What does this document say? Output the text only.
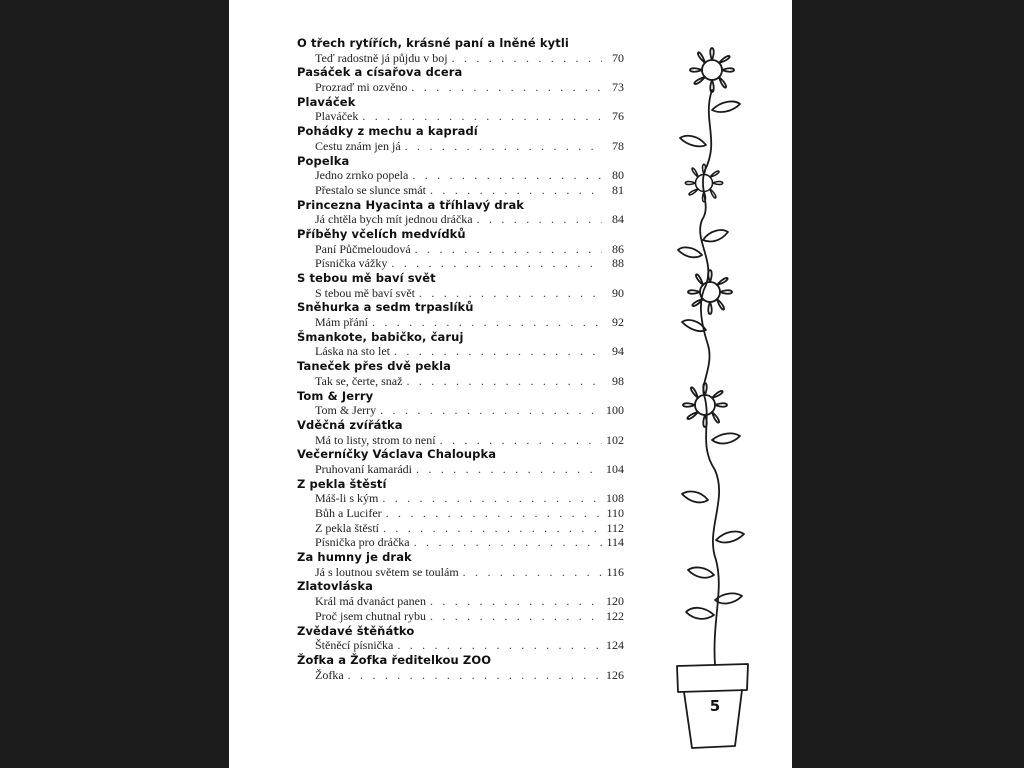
O třech rytířích, krásné paní a lněné kytli
Teď radostně já půjdu v boj . . .	70
Pasáček a císařova dcera
Prozraď mi ozvěno . . .	73
Plaváček
Plaváček . . .	76
Pohádky z mechu a kapradí
Cestu znám jen já . . .	78
Popelka
Jedno zrnko popela . . .	80
Přestalo se slunce smát . . .	81
Princezna Hyacinta a tříhlavý drak
Já chtěla bych mít jednou dráčka . . .	84
Příběhy včelích medvídků
Paní Půčmeloudová . . .	86
Písnička vážky . . .	88
S tebou mě baví svět
S tebou mě baví svět . . .	90
Sněhurka a sedm trpaslíků
Mám přání . . .	92
Šmankote, babičko, čaruj
Láska na sto let . . .	94
Taneček přes dvě pekla
Tak se, čerte, snaž . . .	98
Tom & Jerry
Tom & Jerry . . .	100
Vděčná zvířátka
Má to listy, strom to není . . .	102
Večerníčky Václava Chaloupka
Pruhovaní kamarádi . . .	104
Z pekla štěstí
Máš-li s kým . . .	108
Bůh a Lucifer . . .	110
Z pekla štěstí . . .	112
Písnička pro dráčka . . .	114
Za humny je drak
Já s loutnou světem se toulám . . .	116
Zlatovláska
Král má dvanáct panen . . .	120
Proč jsem chutnal rybu . . .	122
Zvědavé štěňátko
Štěněcí písnička . . .	124
Žofka a Žofka ředitelkou ZOO
Žofka . . .	126
5
